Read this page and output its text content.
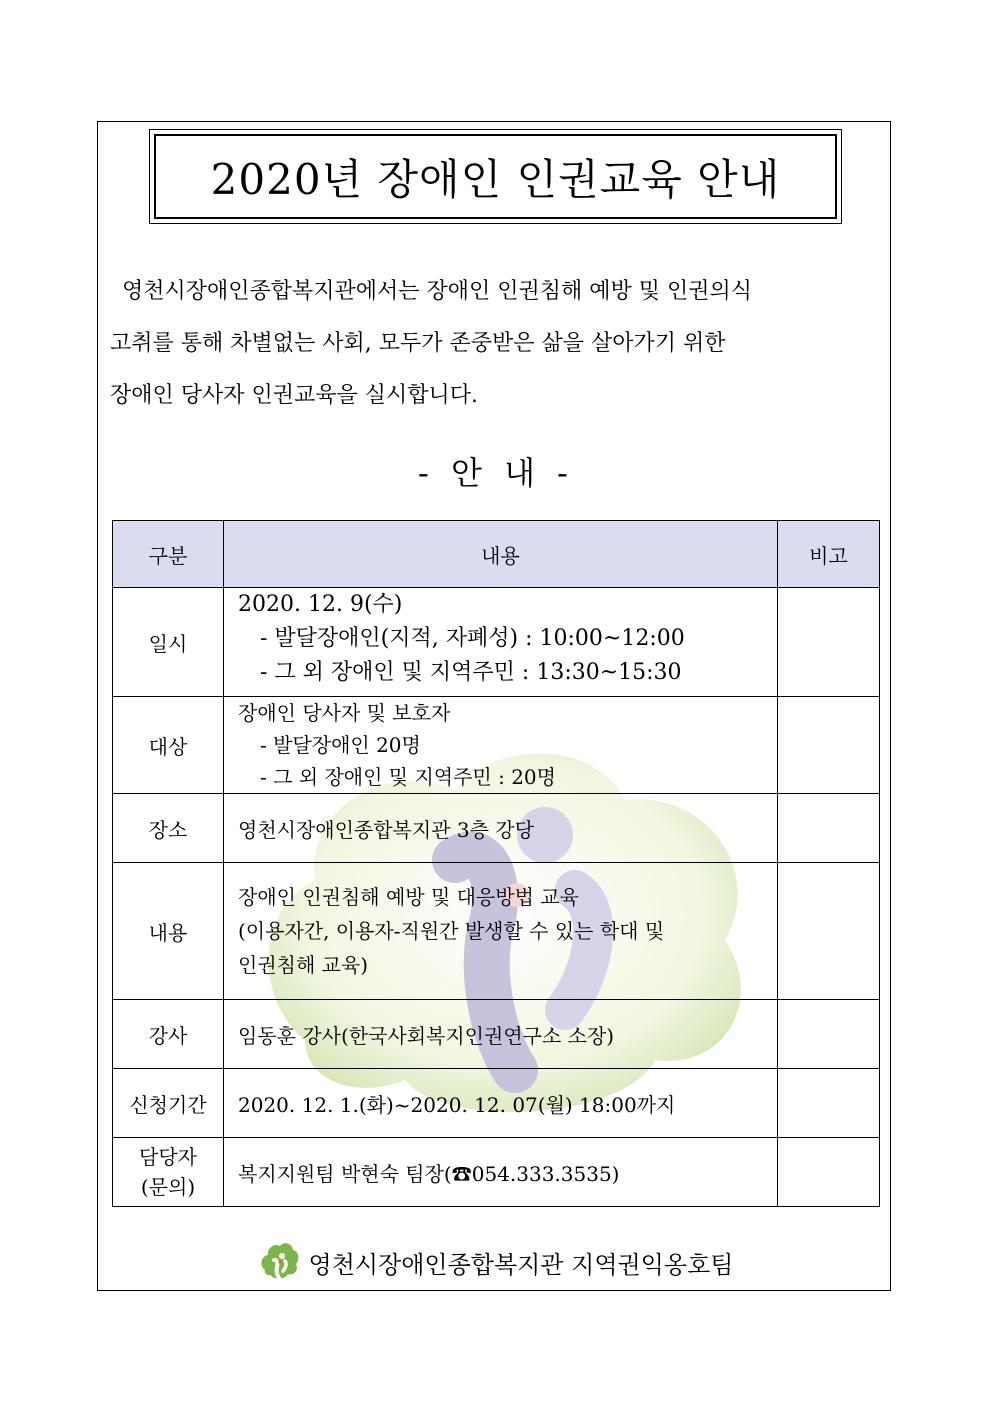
2020년 장애인 인권교육 안내

영천시장애인종합복지관에서는 장애인 인권침해 예방 및 인권의식

고취를 통해 차별없는 사회, 모두가 존중받은 삶을 살아가기 위한

장애인 당사자 인권교육을 실시합니다.

- 안 내 -
구분	내용	비고
일시	2020. 12. 9(수)
- 발달장애인(지적, 자폐성) : 10:00~12:00
- 그 외 장애인 및 지역주민 : 13:30~15:30	

대상	장애인 당사자 및 보호자
- 발달장애인 20명
- 그 외 장애인 및 지역주민 : 20명	

장소	영천시장애인종합복지관 3층 강당	
내용	장애인 인권침해 예방 및 대응방법 교육
(이용자간, 이용자-직원간 발생할 수 있는 학대 및
인권침해 교육)	

강사	임동훈 강사(한국사회복지인권연구소 소장)	
신청기간	2020. 12. 1.(화)~2020. 12. 07(월) 18:00까지	

담당자
(문의)	복지지원팀 박현숙 팀장(☎054.333.3535)	
영천시장애인종합복지관 지역권익옹호팀
